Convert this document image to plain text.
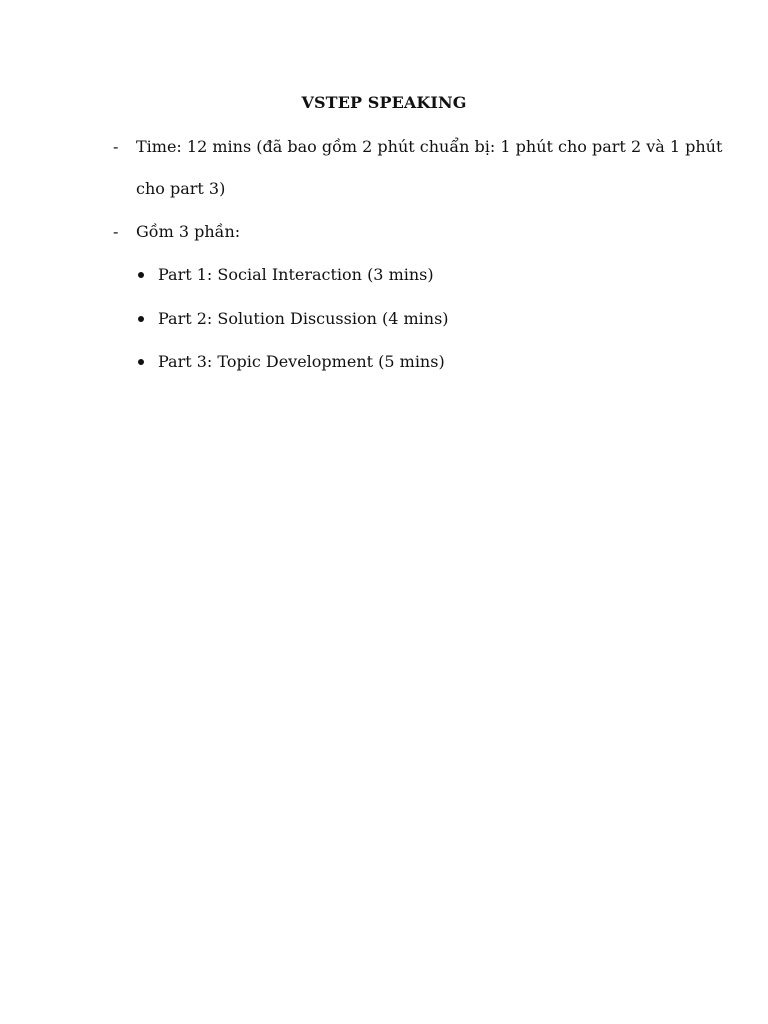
VSTEP SPEAKING
-	Time: 12 mins (đã bao gồm 2 phút chuẩn bị: 1 phút cho part 2 và 1 phút
cho part 3)
-	Gồm 3 phần:
Part 1: Social Interaction (3 mins)
Part 2: Solution Discussion (4 mins)
Part 3: Topic Development (5 mins)
